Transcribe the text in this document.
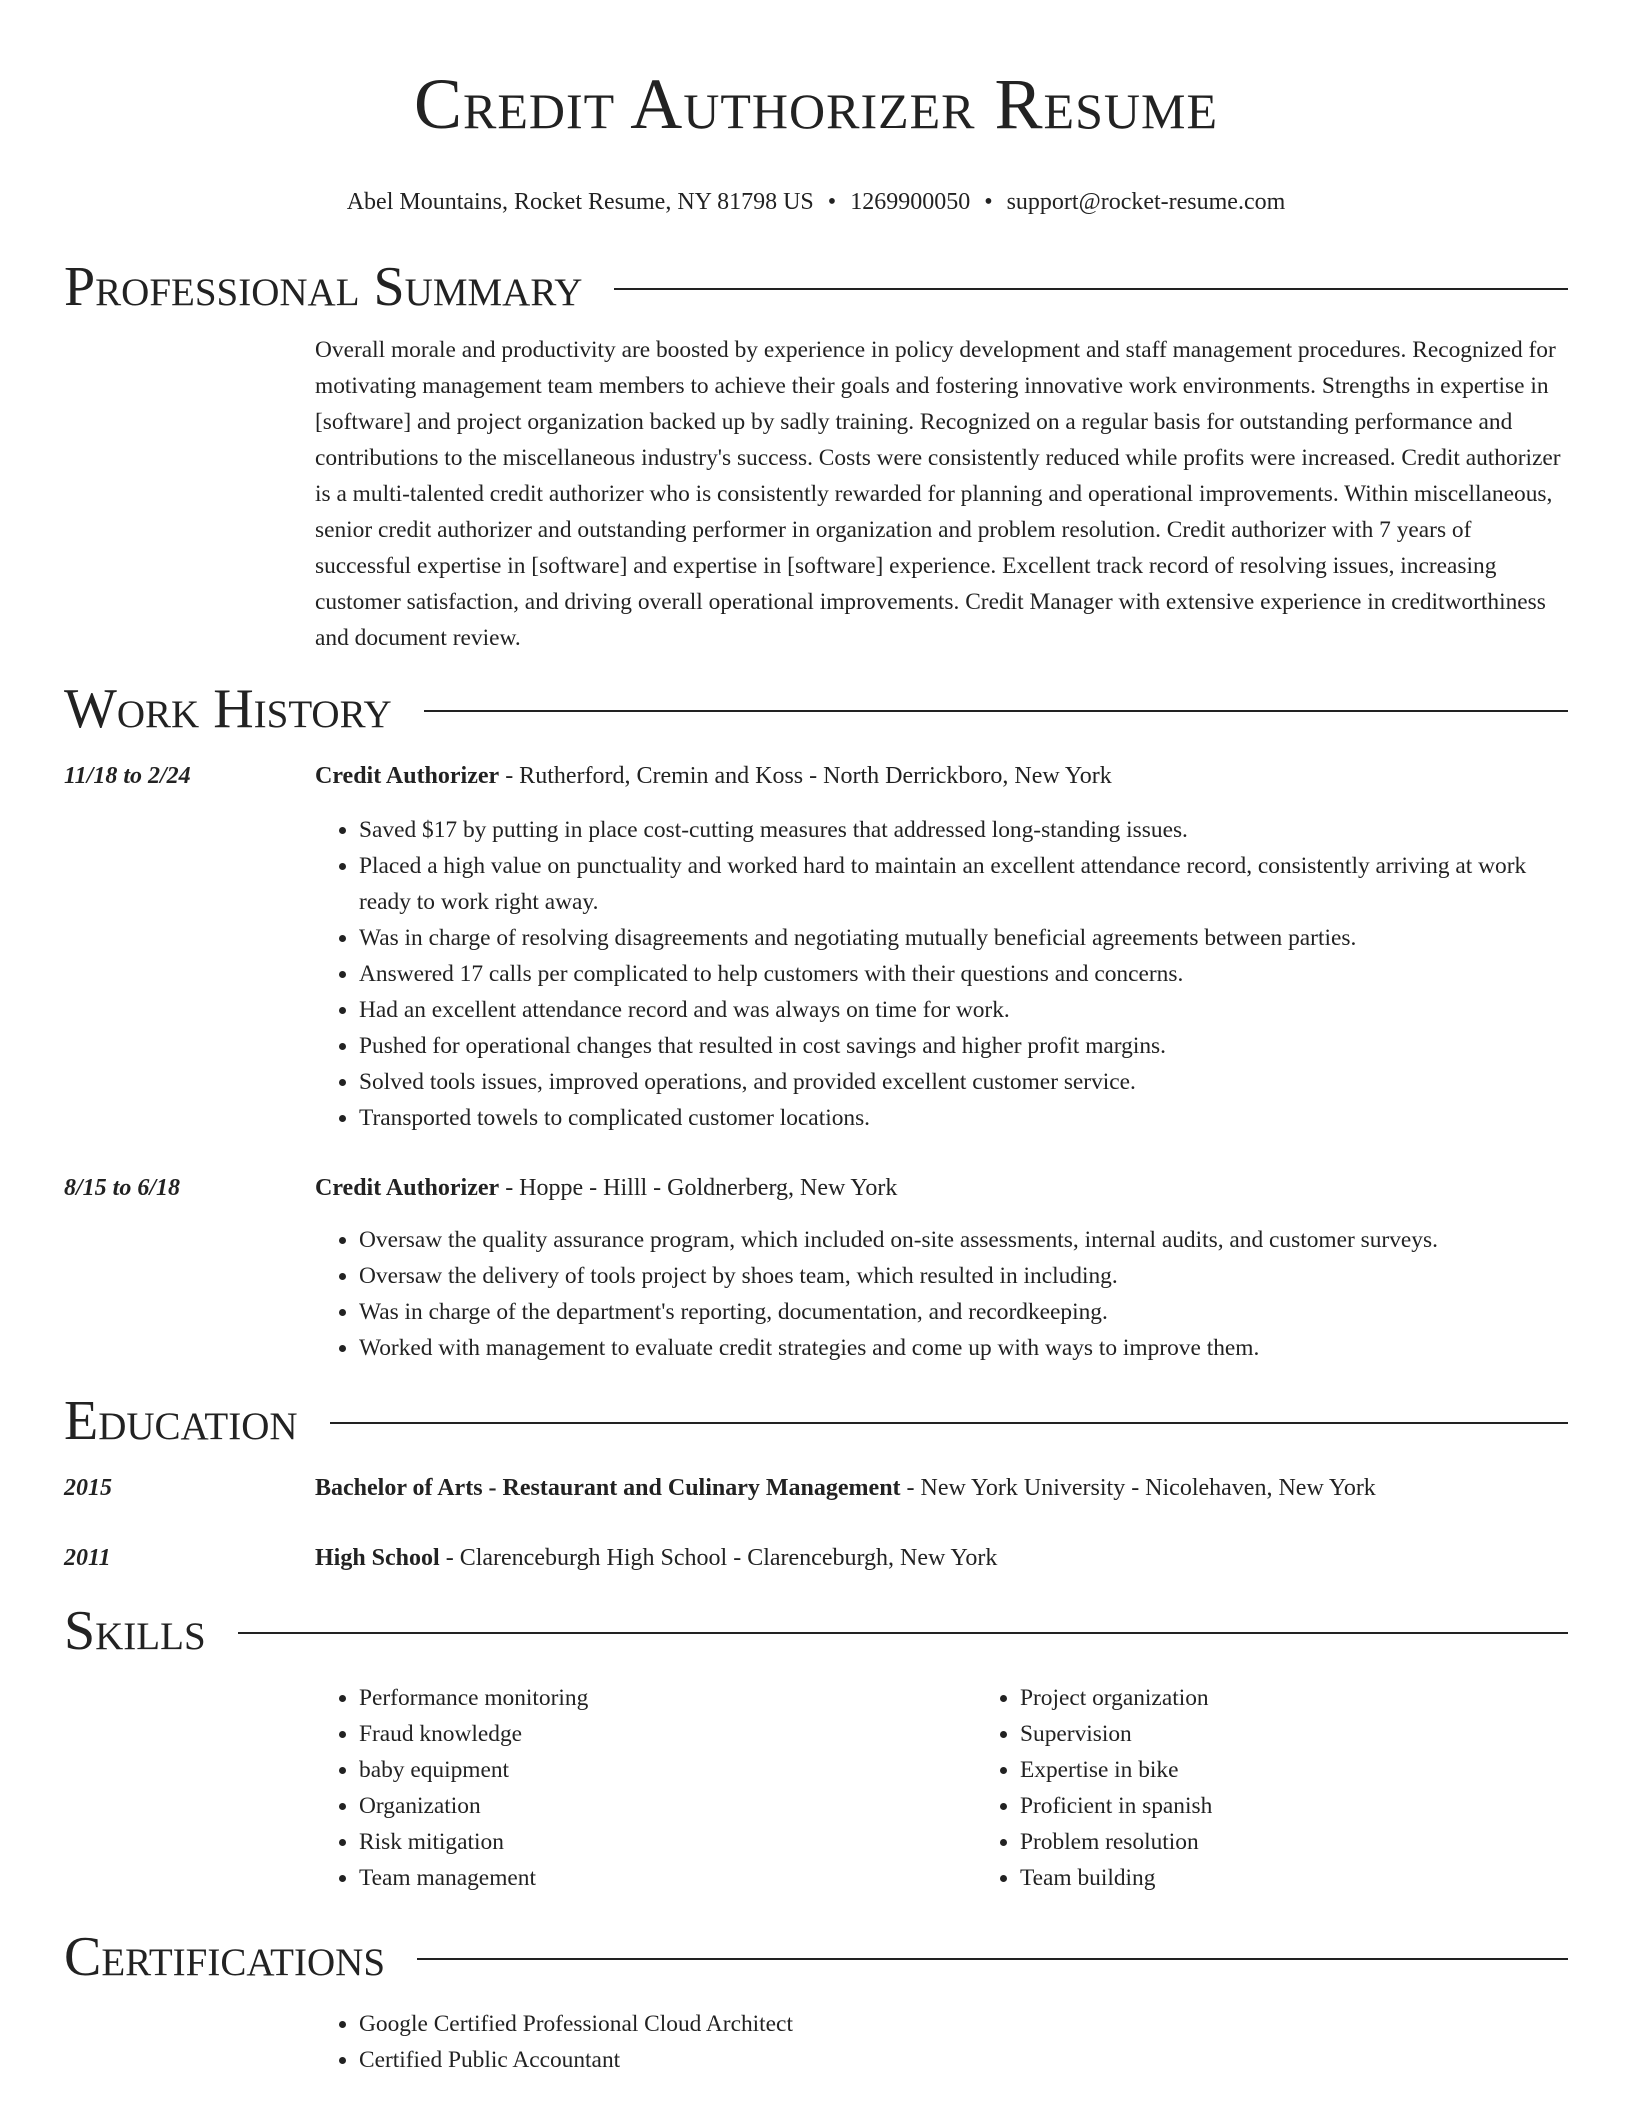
Credit Authorizer Resume
Abel Mountains, Rocket Resume, NY 81798 US • 1269900050 • support@rocket-resume.com
Professional Summary

Overall morale and productivity are boosted by experience in policy development and staff management procedures. Recognized for motivating management team members to achieve their goals and fostering innovative work environments. Strengths in expertise in [software] and project organization backed up by sadly training. Recognized on a regular basis for outstanding performance and contributions to the miscellaneous industry's success. Costs were consistently reduced while profits were increased. Credit authorizer is a multi-talented credit authorizer who is consistently rewarded for planning and operational improvements. Within miscellaneous, senior credit authorizer and outstanding performer in organization and problem resolution. Credit authorizer with 7 years of successful expertise in [software] and expertise in [software] experience. Excellent track record of resolving issues, increasing customer satisfaction, and driving overall operational improvements. Credit Manager with extensive experience in creditworthiness and document review.

Work History
11/18 to 2/24	Credit Authorizer - Rutherford, Cremin and Koss - North Derrickboro, New York
• Saved $17 by putting in place cost-cutting measures that addressed long-standing issues.
• Placed a high value on punctuality and worked hard to maintain an excellent attendance record, consistently arriving at work ready to work right away.
• Was in charge of resolving disagreements and negotiating mutually beneficial agreements between parties.
• Answered 17 calls per complicated to help customers with their questions and concerns.
• Had an excellent attendance record and was always on time for work.
• Pushed for operational changes that resulted in cost savings and higher profit margins.
• Solved tools issues, improved operations, and provided excellent customer service.
• Transported towels to complicated customer locations.
8/15 to 6/18	Credit Authorizer - Hoppe - Hilll - Goldnerberg, New York
• Oversaw the quality assurance program, which included on-site assessments, internal audits, and customer surveys.
• Oversaw the delivery of tools project by shoes team, which resulted in including.
• Was in charge of the department's reporting, documentation, and recordkeeping.
• Worked with management to evaluate credit strategies and come up with ways to improve them.
Education
2015	Bachelor of Arts - Restaurant and Culinary Management - New York University - Nicolehaven, New York
2011	High School - Clarenceburgh High School - Clarenceburgh, New York
Skills
• Performance monitoring
• Fraud knowledge
• baby equipment
• Organization
• Risk mitigation
• Team management
• Project organization
• Supervision
• Expertise in bike
• Proficient in spanish
• Problem resolution
• Team building
Certifications
• Google Certified Professional Cloud Architect
• Certified Public Accountant
